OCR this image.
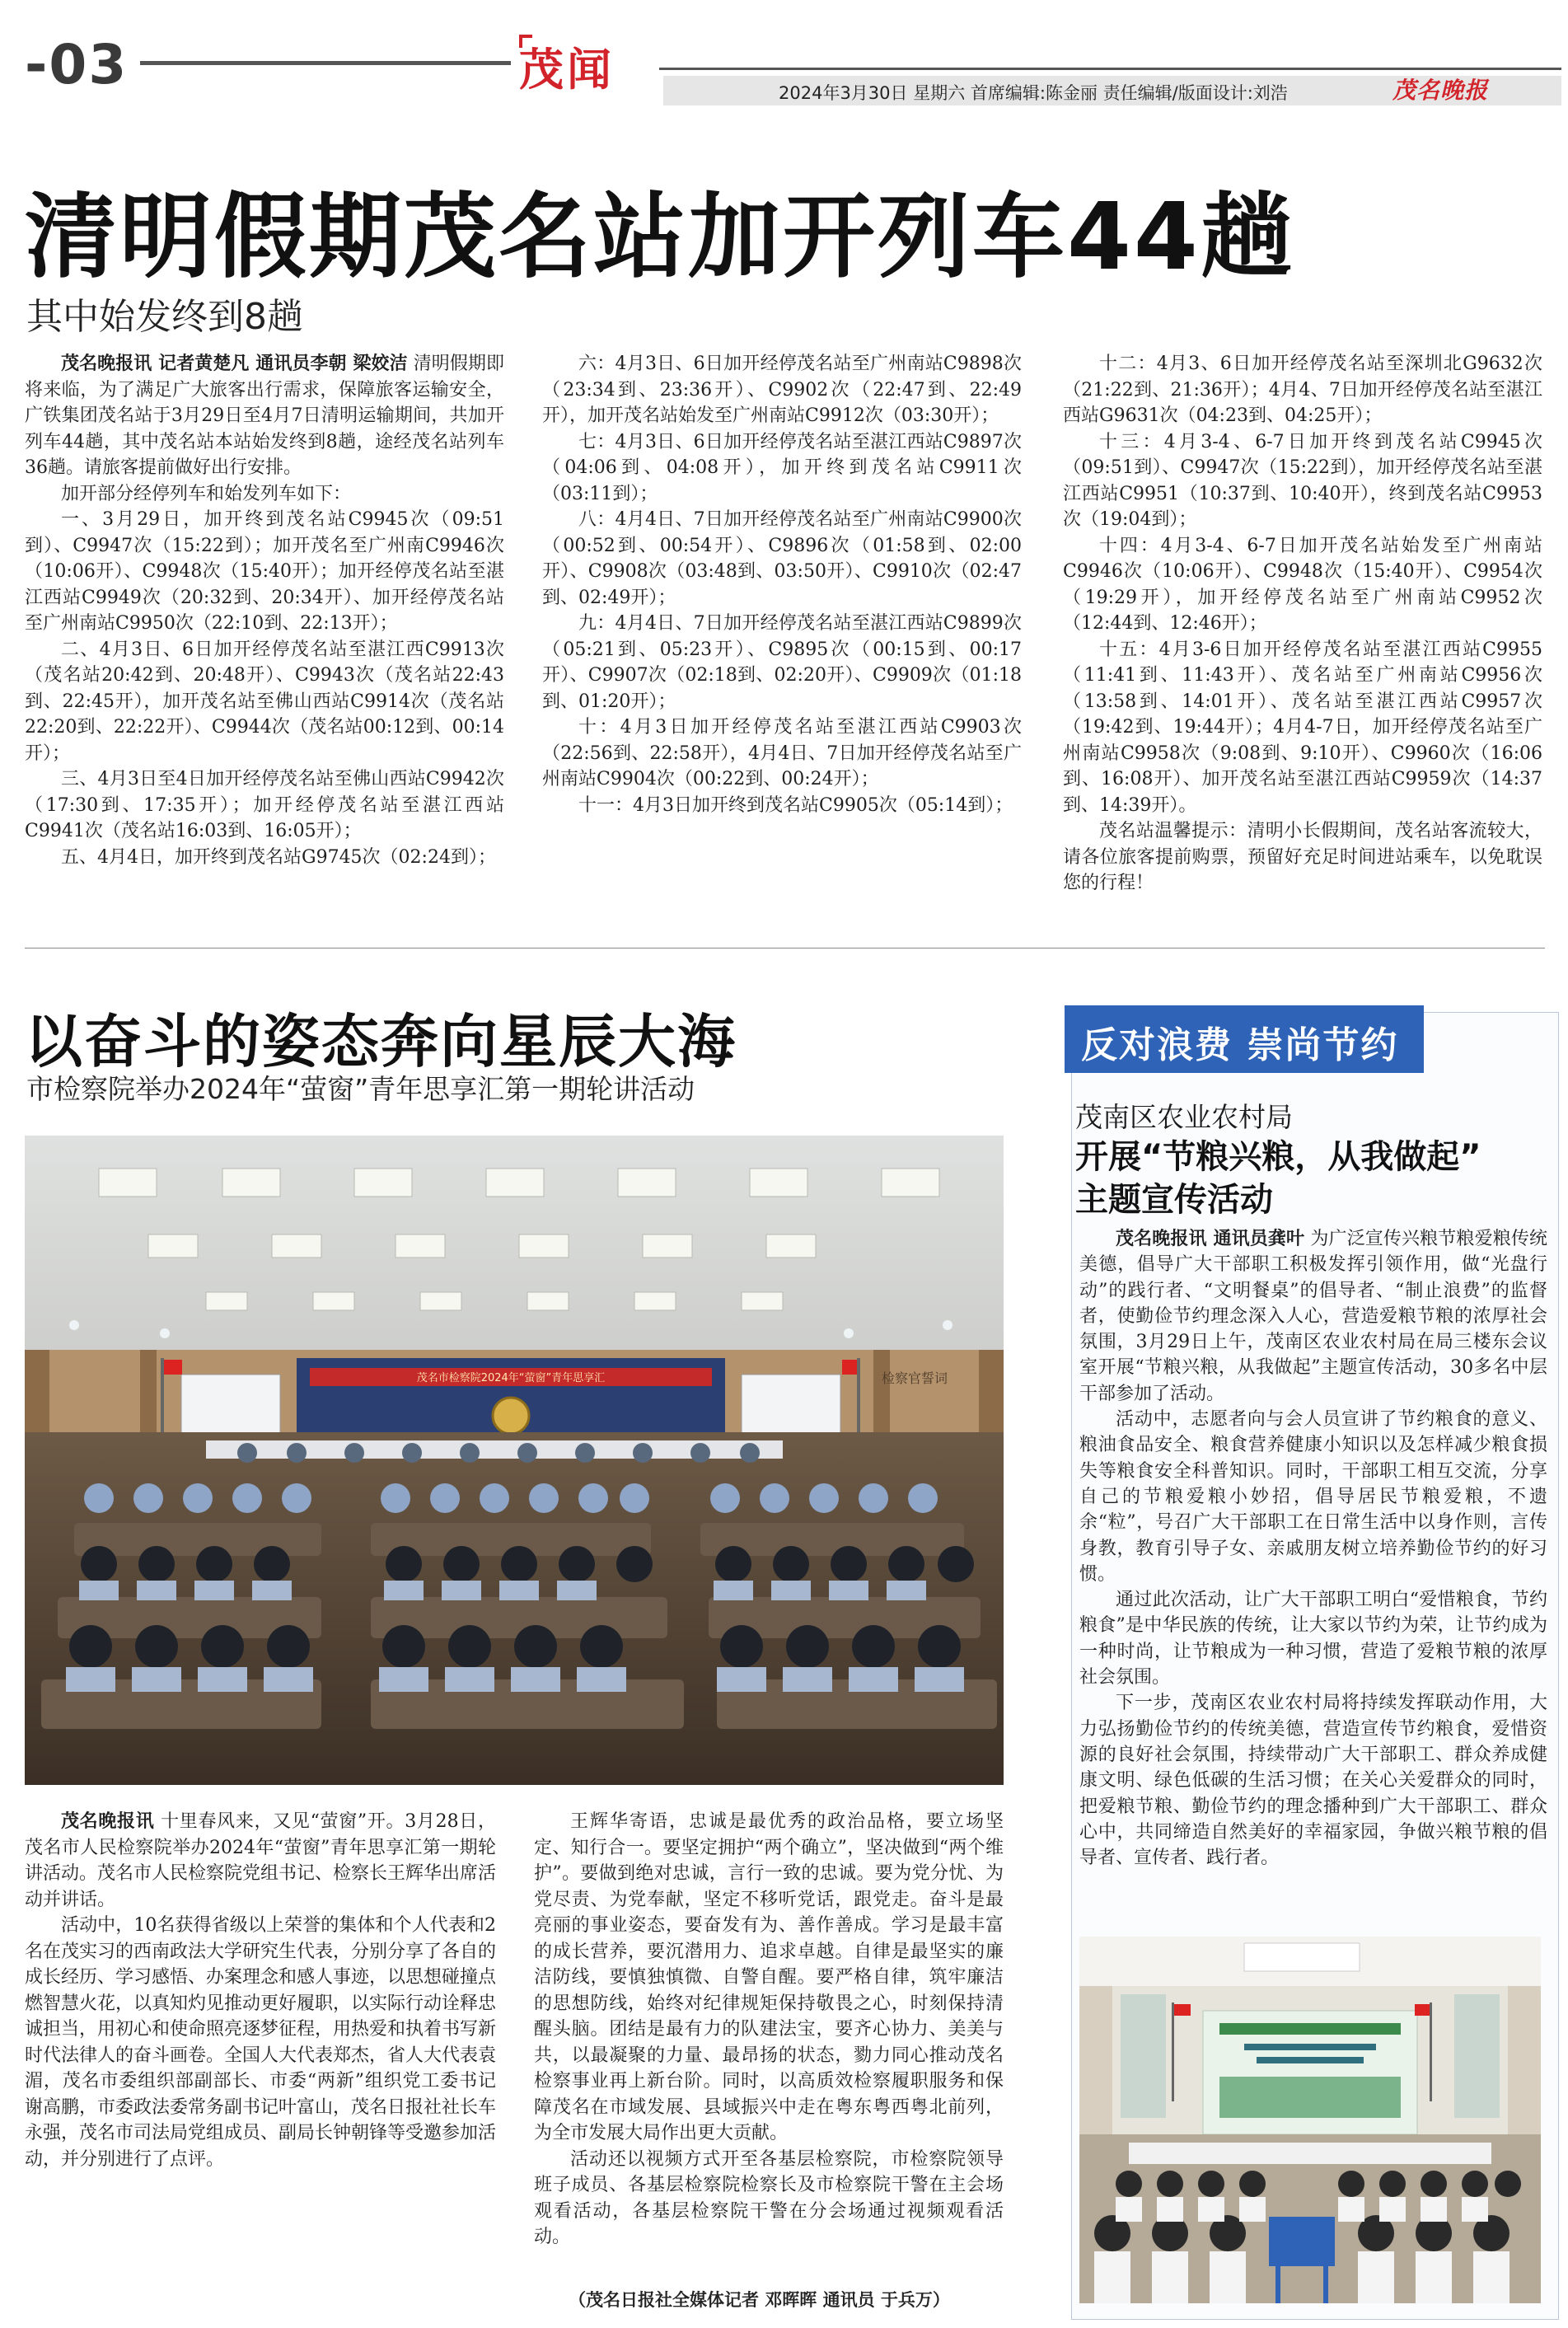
-03	茂闻	2024年3月30日 星期六 首席编辑:陈金丽 责任编辑/版面设计:刘浩	茂名晚报
清明假期茂名站加开列车44趟
其中始发终到8趟

茂名晚报讯 记者黄楚凡 通讯员李朝 梁姣洁 清明假期即将来临，为了满足广大旅客出行需求，保障旅客运输安全，广铁集团茂名站于3月29日至4月7日清明运输期间，共加开列车44趟，其中茂名站本站始发终到8趟，途经茂名站列车36趟。请旅客提前做好出行安排。

加开部分经停列车和始发列车如下：

一、3月29日，加开终到茂名站C9945次（09:51到）、C9947次（15:22到）；加开茂名至广州南C9946次（10:06开）、C9948次（15:40开）；加开经停茂名站至湛江西站C9949次（20:32到、20:34开）、加开经停茂名站至广州南站C9950次（22:10到、22:13开）；

二、4月3日、6日加开经停茂名站至湛江西C9913次（茂名站20:42到、20:48开）、C9943次（茂名站22:43到、22:45开），加开茂名站至佛山西站C9914次（茂名站22:20到、22:22开）、C9944次（茂名站00:12到、00:14开）；

三、4月3日至4日加开经停茂名站至佛山西站C9942次（17:30到、17:35开）；加开经停茂名站至湛江西站C9941次（茂名站16:03到、16:05开）；

五、4月4日，加开终到茂名站G9745次（02:24到）；

六：4月3日、6日加开经停茂名站至广州南站C9898次（23:34到、23:36开）、C9902次（22:47到、22:49开），加开茂名站始发至广州南站C9912次（03:30开）；

七：4月3日、6日加开经停茂名站至湛江西站C9897次（04:06到、04:08开），加开终到茂名站C9911次（03:11到）；

八：4月4日、7日加开经停茂名站至广州南站C9900次（00:52到、00:54开）、C9896次（01:58到、02:00开）、C9908次（03:48到、03:50开）、C9910次（02:47到、02:49开）；

九：4月4日、7日加开经停茂名站至湛江西站C9899次（05:21到、05:23开）、C9895次（00:15到、00:17开）、C9907次（02:18到、02:20开）、C9909次（01:18到、01:20开）；

十：4月3日加开经停茂名站至湛江西站C9903次（22:56到、22:58开），4月4日、7日加开经停茂名站至广州南站C9904次（00:22到、00:24开）；

十一：4月3日加开终到茂名站C9905次（05:14到）；

十二：4月3、6日加开经停茂名站至深圳北G9632次（21:22到、21:36开）；4月4、7日加开经停茂名站至湛江西站G9631次（04:23到、04:25开）；

十三：4月3-4、6-7日加开终到茂名站C9945次（09:51到）、C9947次（15:22到），加开经停茂名站至湛江西站C9951（10:37到、10:40开），终到茂名站C9953次（19:04到）；

十四：4月3-4、6-7日加开茂名站始发至广州南站C9946次（10:06开）、C9948次（15:40开）、C9954次（19:29开），加开经停茂名站至广州南站C9952次（12:44到、12:46开）；

十五：4月3-6日加开经停茂名站至湛江西站C9955（11:41到、11:43开）、茂名站至广州南站C9956次（13:58到、14:01开）、茂名站至湛江西站C9957次（19:42到、19:44开）；4月4-7日，加开经停茂名站至广州南站C9958次（9:08到、9:10开）、C9960次（16:06到、16:08开）、加开茂名站至湛江西站C9959次（14:37到、14:39开）。

茂名站温馨提示：清明小长假期间，茂名站客流较大，请各位旅客提前购票，预留好充足时间进站乘车，以免耽误您的行程！

以奋斗的姿态奔向星辰大海
市检察院举办2024年“萤窗”青年思享汇第一期轮讲活动
茂名市检察院2024年“萤窗”青年思享汇	检察官誓词

茂名晚报讯 十里春风来，又见“萤窗”开。3月28日，茂名市人民检察院举办2024年“萤窗”青年思享汇第一期轮讲活动。茂名市人民检察院党组书记、检察长王辉华出席活动并讲话。

活动中，10名获得省级以上荣誉的集体和个人代表和2名在茂实习的西南政法大学研究生代表，分别分享了各自的成长经历、学习感悟、办案理念和感人事迹，以思想碰撞点燃智慧火花，以真知灼见推动更好履职，以实际行动诠释忠诚担当，用初心和使命照亮逐梦征程，用热爱和执着书写新时代法律人的奋斗画卷。全国人大代表郑杰，省人大代表袁湄，茂名市委组织部副部长、市委“两新”组织党工委书记谢高鹏，市委政法委常务副书记叶富山，茂名日报社社长车永强，茂名市司法局党组成员、副局长钟朝锋等受邀参加活动，并分别进行了点评。

王辉华寄语，忠诚是最优秀的政治品格，要立场坚定、知行合一。要坚定拥护“两个确立”，坚决做到“两个维护”。要做到绝对忠诚，言行一致的忠诚。要为党分忧、为党尽责、为党奉献，坚定不移听党话，跟党走。奋斗是最亮丽的事业姿态，要奋发有为、善作善成。学习是最丰富的成长营养，要沉潜用力、追求卓越。自律是最坚实的廉洁防线，要慎独慎微、自警自醒。要严格自律，筑牢廉洁的思想防线，始终对纪律规矩保持敬畏之心，时刻保持清醒头脑。团结是最有力的队建法宝，要齐心协力、美美与共，以最凝聚的力量、最昂扬的状态，勠力同心推动茂名检察事业再上新台阶。同时，以高质效检察履职服务和保障茂名在市域发展、县域振兴中走在粤东粤西粤北前列，为全市发展大局作出更大贡献。

活动还以视频方式开至各基层检察院，市检察院领导班子成员、各基层检察院检察长及市检察院干警在主会场观看活动，各基层检察院干警在分会场通过视频观看活动。

（茂名日报社全媒体记者 邓晖晖 通讯员 于兵万）
反对浪费 崇尚节约
茂南区农业农村局
开展“节粮兴粮，从我做起”
主题宣传活动

茂名晚报讯 通讯员龚叶 为广泛宣传兴粮节粮爱粮传统美德，倡导广大干部职工积极发挥引领作用，做“光盘行动”的践行者、“文明餐桌”的倡导者、“制止浪费”的监督者，使勤俭节约理念深入人心，营造爱粮节粮的浓厚社会氛围，3月29日上午，茂南区农业农村局在局三楼东会议室开展“节粮兴粮，从我做起”主题宣传活动，30多名中层干部参加了活动。

活动中，志愿者向与会人员宣讲了节约粮食的意义、粮油食品安全、粮食营养健康小知识以及怎样减少粮食损失等粮食安全科普知识。同时，干部职工相互交流，分享自己的节粮爱粮小妙招，倡导居民节粮爱粮，不遗余“粒”，号召广大干部职工在日常生活中以身作则，言传身教，教育引导子女、亲戚朋友树立培养勤俭节约的好习惯。

通过此次活动，让广大干部职工明白“爱惜粮食，节约粮食”是中华民族的传统，让大家以节约为荣，让节约成为一种时尚，让节粮成为一种习惯，营造了爱粮节粮的浓厚社会氛围。

下一步，茂南区农业农村局将持续发挥联动作用，大力弘扬勤俭节约的传统美德，营造宣传节约粮食，爱惜资源的良好社会氛围，持续带动广大干部职工、群众养成健康文明、绿色低碳的生活习惯；在关心关爱群众的同时，把爱粮节粮、勤俭节约的理念播种到广大干部职工、群众心中，共同缔造自然美好的幸福家园，争做兴粮节粮的倡导者、宣传者、践行者。
